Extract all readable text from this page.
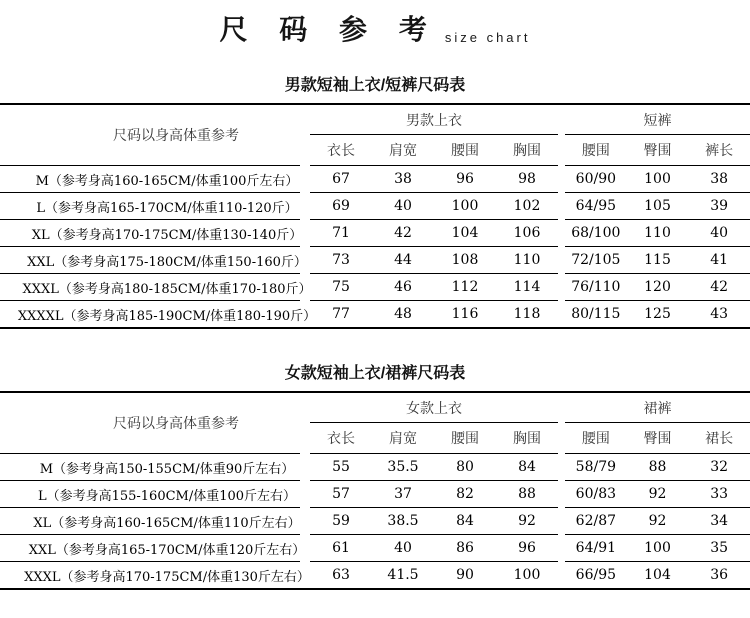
尺 码 参 考 size chart
男款短袖上衣/短裤尺码表
尺码以身高体重参考
男款上衣
衣长	肩宽	腰围	胸围
短裤
腰围	臀围	裤长
M（参考身高160-165CM/体重100斤左右）	67	38	96	98	60/90	100	38
L（参考身高165-170CM/体重110-120斤）	69	40	100	102	64/95	105	39
XL（参考身高170-175CM/体重130-140斤）	71	42	104	106	68/100	110	40
XXL（参考身高175-180CM/体重150-160斤）	73	44	108	110	72/105	115	41
XXXL（参考身高180-185CM/体重170-180斤）	75	46	112	114	76/110	120	42
XXXXL（参考身高185-190CM/体重180-190斤）	77	48	116	118	80/115	125	43
女款短袖上衣/裙裤尺码表
尺码以身高体重参考
女款上衣
衣长	肩宽	腰围	胸围
裙裤
腰围	臀围	裙长
M（参考身高150-155CM/体重90斤左右）	55	35.5	80	84	58/79	88	32
L（参考身高155-160CM/体重100斤左右）	57	37	82	88	60/83	92	33
XL（参考身高160-165CM/体重110斤左右）	59	38.5	84	92	62/87	92	34
XXL（参考身高165-170CM/体重120斤左右）	61	40	86	96	64/91	100	35
XXXL（参考身高170-175CM/体重130斤左右）	63	41.5	90	100	66/95	104	36
